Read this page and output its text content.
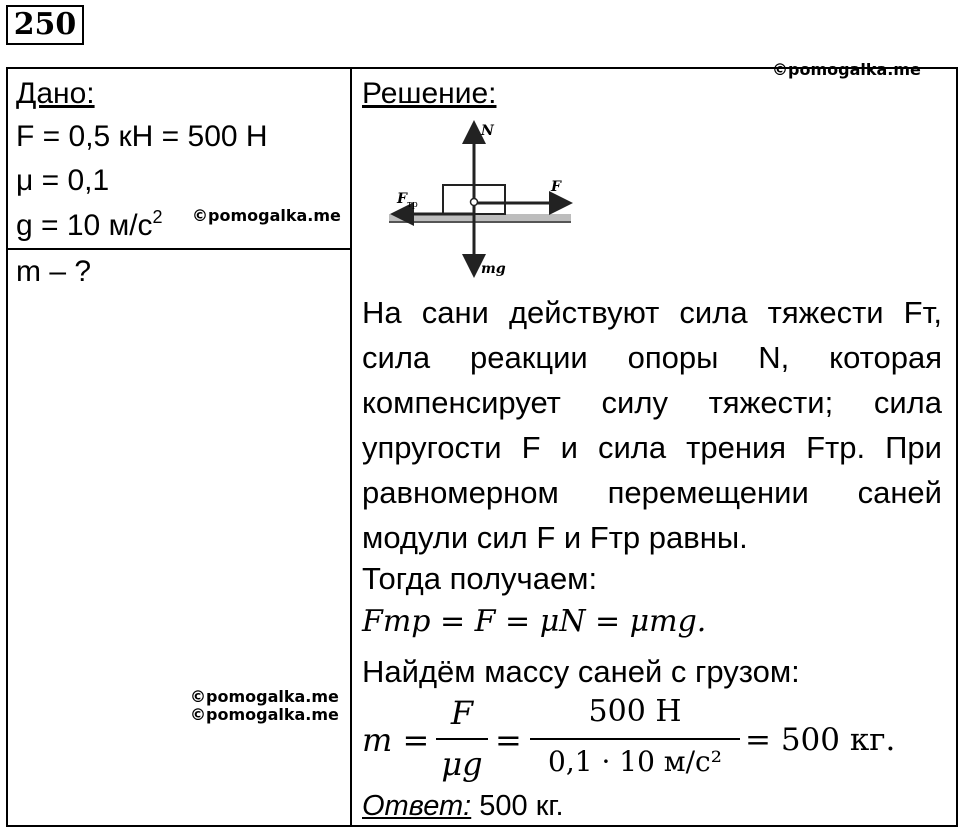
250
©pomogalka.me
©pomogalka.me
©pomogalka.me
©pomogalka.me
Дано:
F = 0,5 кН = 500 Н
μ = 0,1
g = 10 $м/с^2$
m – ?
Решение:
N
F
F тр
mg
На сани действуют сила тяжести Fт,
сила реакции опоры N, которая
компенсирует силу тяжести; сила
упругости F и сила трения Fтр. При
равномерном перемещении саней
модули сил F и Fтр равны.
Тогда получаем:
Fтр = F = μN = μmg.
Найдём массу саней с грузом:
m =
F
μg
=
500 Н
0,1 · 10 м/с²
= 500 кг.
Ответ: 500 кг.
